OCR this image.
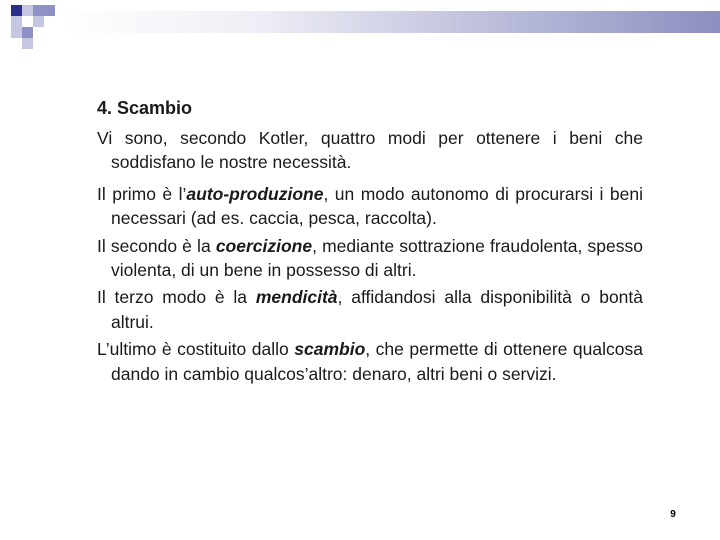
4. Scambio

Vi sono, secondo Kotler, quattro modi per ottenere i beni che soddisfano le nostre necessità.

Il primo è l’auto-produzione, un modo autonomo di procurarsi i beni necessari (ad es. caccia, pesca, raccolta).

Il secondo è la coercizione, mediante sottrazione fraudolenta, spesso violenta, di un bene in possesso di altri.

Il terzo modo è la mendicità, affidandosi alla disponibilità o bontà altrui.

L’ultimo è costituito dallo scambio, che permette di ottenere qualcosa dando in cambio qualcos’altro: denaro, altri beni o servizi.

9
